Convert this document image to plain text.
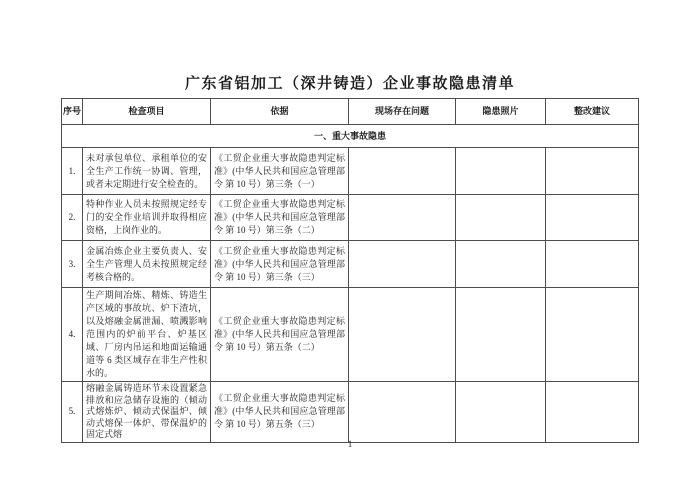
广东省铝加工（深井铸造）企业事故隐患清单
序号	检查项目	依据	现场存在问题	隐患照片	整改建议
一、重大事故隐患					
1.	未对承包单位、承租单位的安全生产工作统一协调、管理，或者未定期进行安全检查的。	《工贸企业重大事故隐患判定标准》(中华人民共和国应急管理部令 第 10 号）第三条（一）			
2.	特种作业人员未按照规定经专门的安全作业培训并取得相应资格，上岗作业的。	《工贸企业重大事故隐患判定标准》(中华人民共和国应急管理部令 第 10 号）第三条（二）			
3.	金属冶炼企业主要负责人、安全生产管理人员未按照规定经考核合格的。	《工贸企业重大事故隐患判定标准》(中华人民共和国应急管理部令 第 10 号）第三条（三）			
4.	生产期间冶炼、精炼、铸造生产区域的事故坑、炉下渣坑，以及熔融金属泄漏、喷溅影响范围内的炉前平台、炉基区域、厂房内吊运和地面运输通道等 6 类区域存在非生产性积水的。	《工贸企业重大事故隐患判定标准》(中华人民共和国应急管理部令 第 10 号）第五条（二）			
5.	熔融金属铸造环节未设置紧急排放和应急储存设施的（倾动式熔炼炉、倾动式保温炉、倾动式熔保一体炉、带保温炉的固定式熔	《工贸企业重大事故隐患判定标准》(中华人民共和国应急管理部令 第 10 号）第五条（三）			
1
